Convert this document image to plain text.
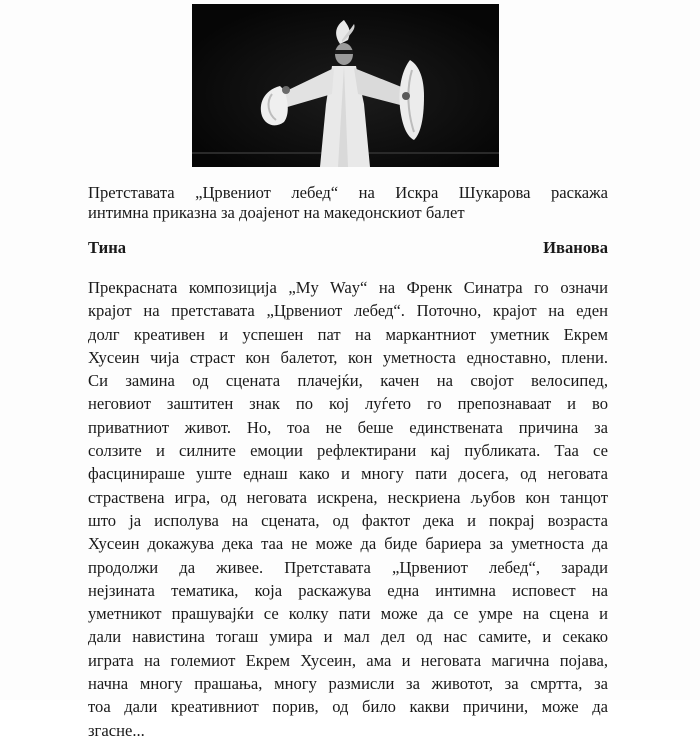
Претставата „Црвениот лебед“ на Искра Шукарова раскажа
интимна приказна за доајенот на македонскиот балет
Тина	Иванова
Прекрасната композиција „My Way“ на Френк Синатра го означи
крајот на претставата „Црвениот лебед“. Поточно, крајот на еден
долг креативен и успешен пат на маркантниот уметник Екрем
Хусеин чија страст кон балетот, кон уметноста едноставно, плени.
Си замина од сцената плачејќи, качен на својот велосипед,
неговиот заштитен знак по кој луѓето го препознаваат и во
приватниот живот. Но, тоа не беше единствената причина за
солзите и силните емоции рефлектирани кај публиката. Таа се
фасцинираше уште еднаш како и многу пати досега, од неговата
страствена игра, од неговата искрена, нескриена љубов кон танцот
што ја исполува на сцената, од фактот дека и покрај возраста
Хусеин докажува дека таа не може да биде бариера за уметноста да
продолжи да живее. Претставата „Црвениот лебед“, заради
нејзината тематика, која раскажува една интимна исповест на
уметникот прашувајќи се колку пати може да се умре на сцена и
дали навистина тогаш умира и мал дел од нас самите, и секако
играта на големиот Екрем Хусеин, ама и неговата магична појава,
начна многу прашања, многу размисли за животот, за смртта, за
тоа дали креативниот порив, од било какви причини, може да
згасне...
